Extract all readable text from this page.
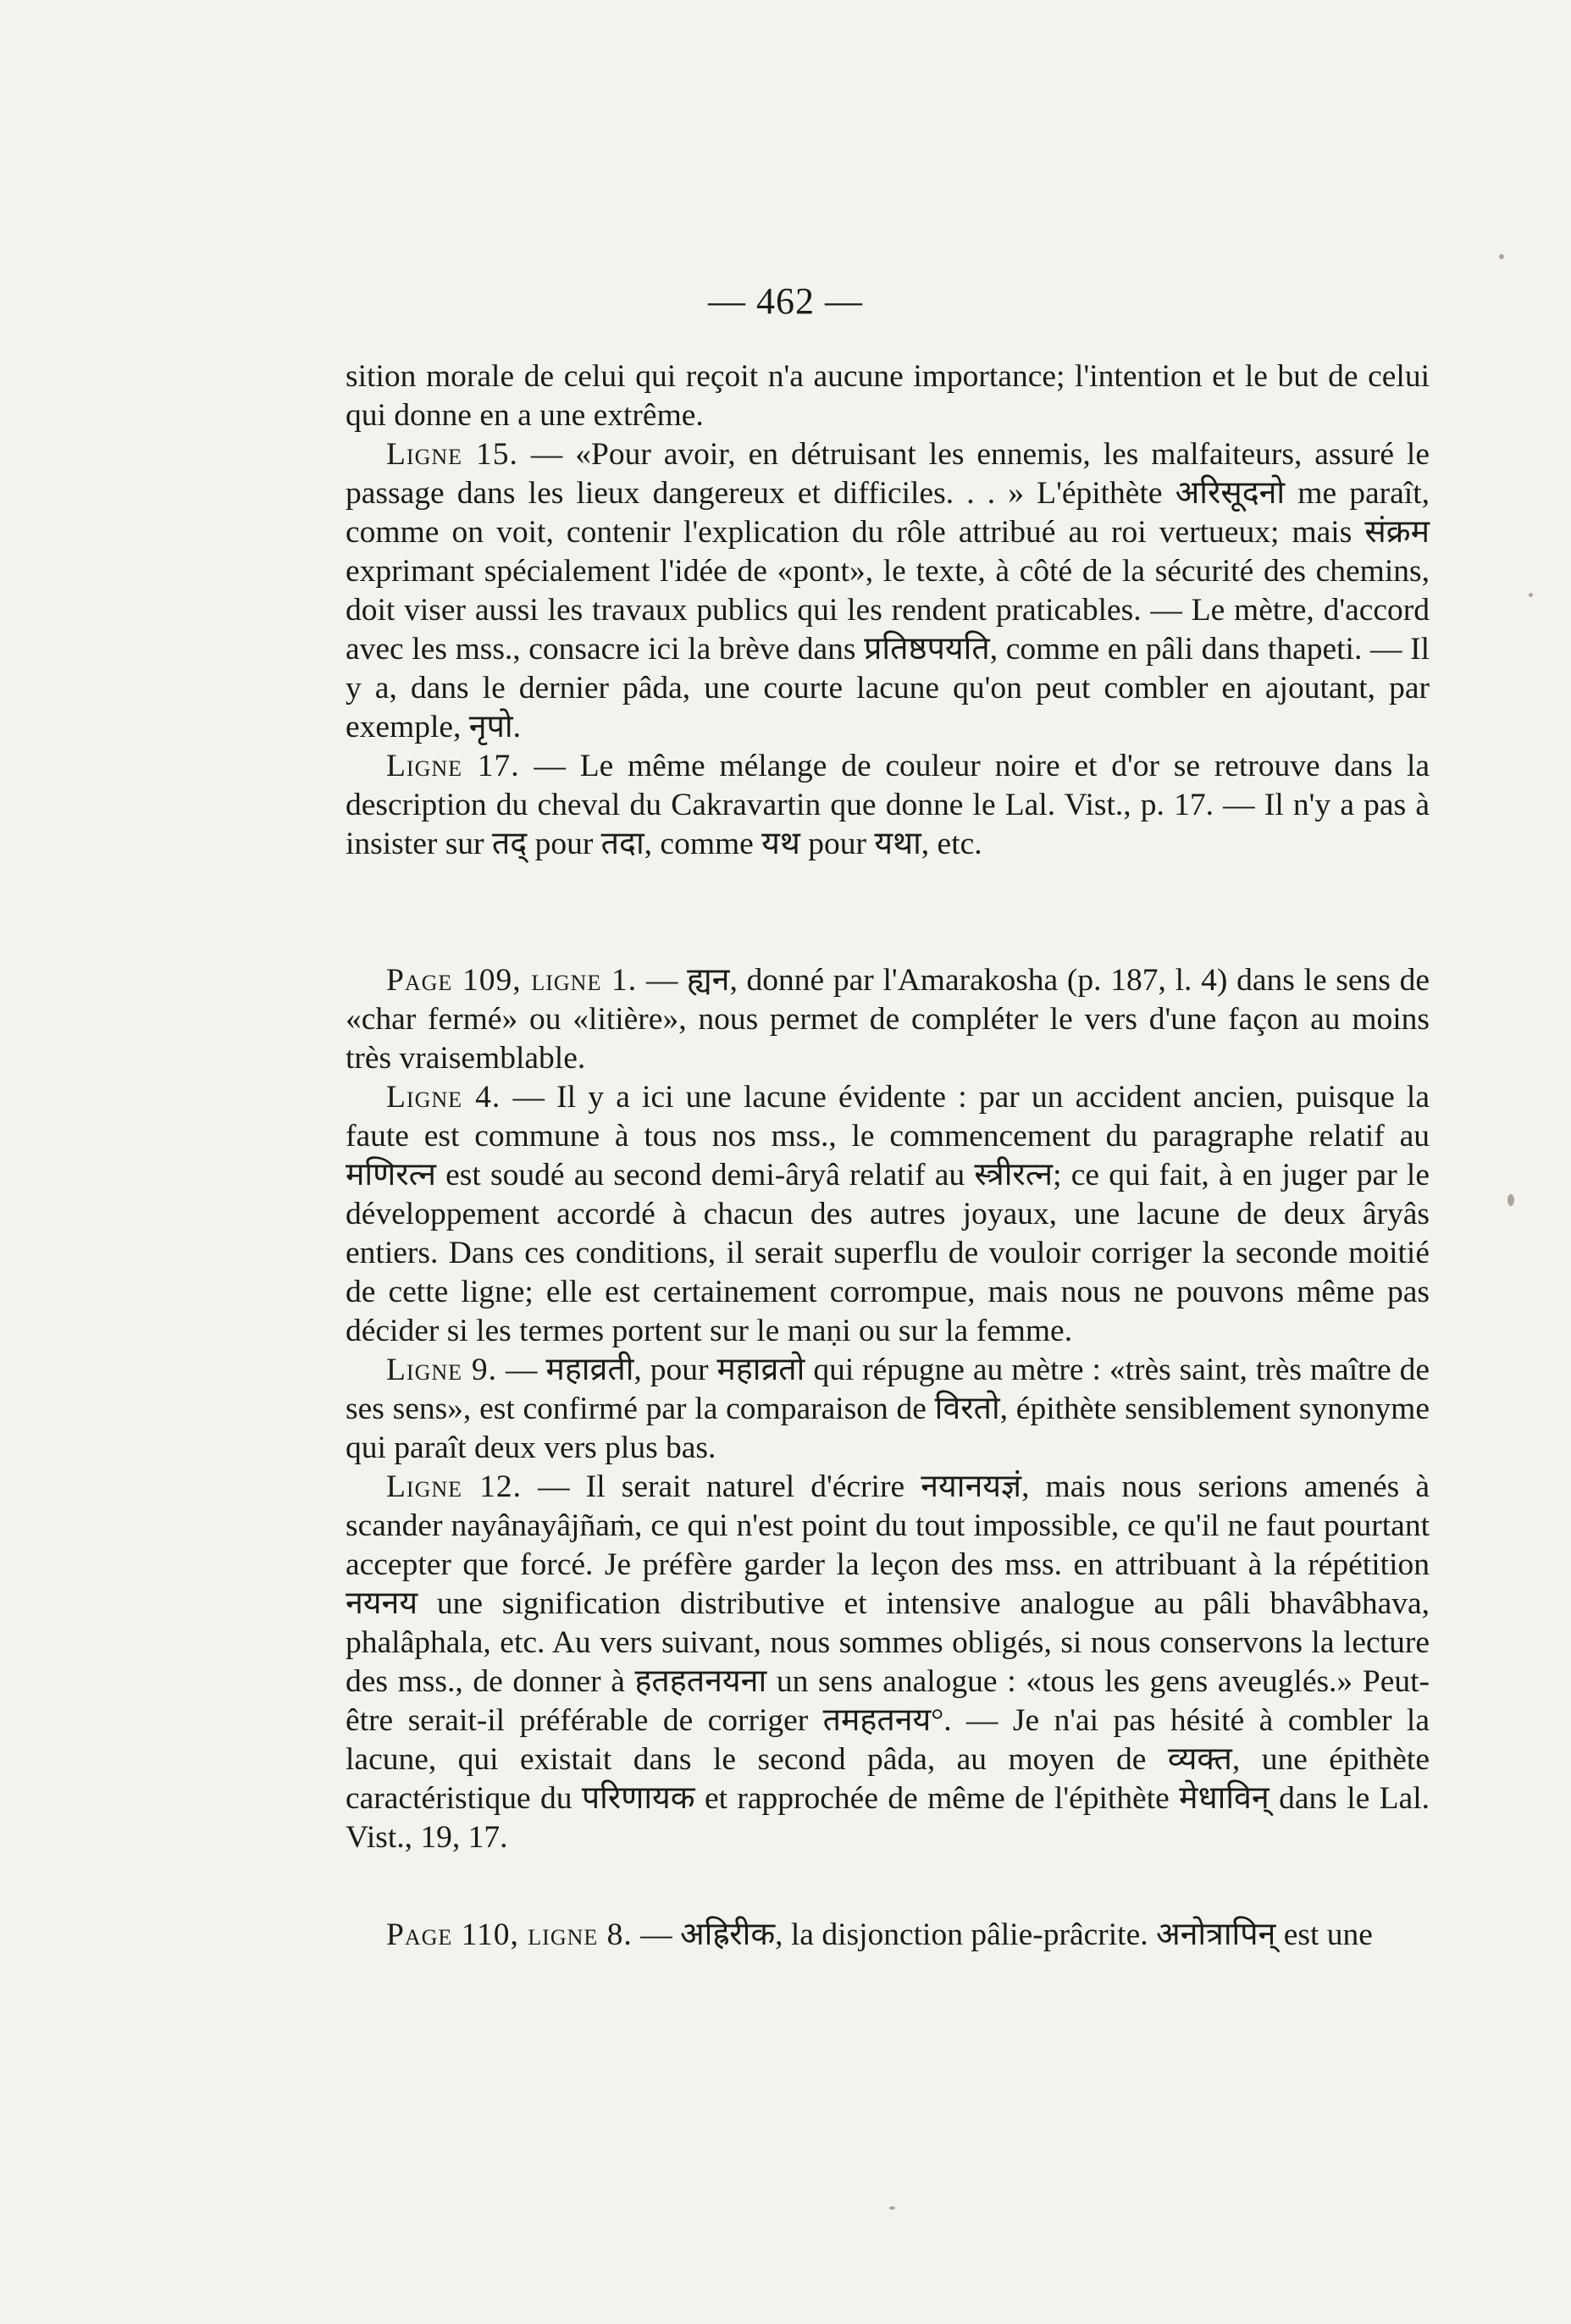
— 462 —

sition morale de celui qui reçoit n'a aucune importance; l'intention et le but de celui qui donne en a une extrême.

Ligne 15. — «Pour avoir, en détruisant les ennemis, les malfaiteurs, assuré le passage dans les lieux dangereux et difficiles. . . » L'épithète अरिसूदनो me paraît, comme on voit, contenir l'explication du rôle attribué au roi vertueux; mais संक्रम exprimant spécialement l'idée de «pont», le texte, à côté de la sécurité des chemins, doit viser aussi les travaux publics qui les rendent praticables. — Le mètre, d'accord avec les mss., consacre ici la brève dans प्रतिष्ठपयति, comme en pâli dans thapeti. — Il y a, dans le dernier pâda, une courte lacune qu'on peut combler en ajoutant, par exemple, नृपो.

Ligne 17. — Le même mélange de couleur noire et d'or se retrouve dans la description du cheval du Cakravartin que donne le Lal. Vist., p. 17. — Il n'y a pas à insister sur तद् pour तदा, comme यथ pour यथा, etc.

Page 109, ligne 1. — ह्यन, donné par l'Amarakosha (p. 187, l. 4) dans le sens de «char fermé» ou «litière», nous permet de compléter le vers d'une façon au moins très vraisemblable.

Ligne 4. — Il y a ici une lacune évidente : par un accident ancien, puisque la faute est commune à tous nos mss., le commencement du paragraphe relatif au मणिरत्न est soudé au second demi-âryâ relatif au स्त्रीरत्न; ce qui fait, à en juger par le développement accordé à chacun des autres joyaux, une lacune de deux âryâs entiers. Dans ces conditions, il serait superflu de vouloir corriger la seconde moitié de cette ligne; elle est certainement corrompue, mais nous ne pouvons même pas décider si les termes portent sur le maṇi ou sur la femme.

Ligne 9. — महाव्रती, pour महाव्रतो qui répugne au mètre : «très saint, très maître de ses sens», est confirmé par la comparaison de विरतो, épithète sensiblement synonyme qui paraît deux vers plus bas.

Ligne 12. — Il serait naturel d'écrire नयानयज्ञं, mais nous serions amenés à scander nayânayâjñaṁ, ce qui n'est point du tout impossible, ce qu'il ne faut pourtant accepter que forcé. Je préfère garder la leçon des mss. en attribuant à la répétition नयनय une signification distributive et intensive analogue au pâli bhavâbhava, phalâphala, etc. Au vers suivant, nous sommes obligés, si nous conservons la lecture des mss., de donner à हतहतनयना un sens analogue : «tous les gens aveuglés.» Peut-être serait-il préférable de corriger तमहतनय°. — Je n'ai pas hésité à combler la lacune, qui existait dans le second pâda, au moyen de व्यक्त, une épithète caractéristique du परिणायक et rapprochée de même de l'épithète मेधाविन् dans le Lal. Vist., 19, 17.

Page 110, ligne 8. — अह्रिरीक, la disjonction pâlie-prâcrite. अनोत्रापिन् est une
